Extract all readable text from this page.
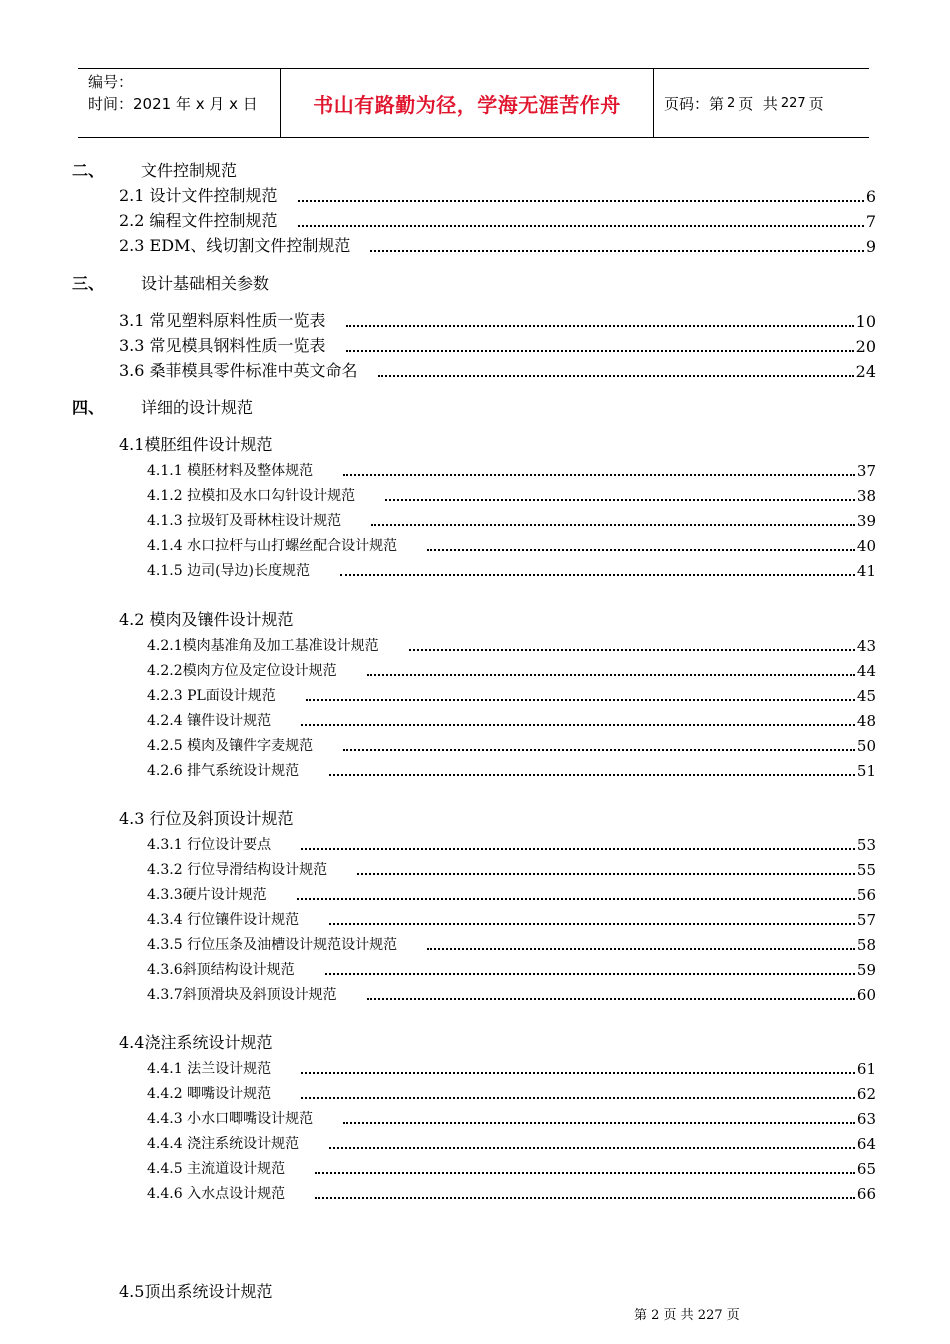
编号：
时间：2021 年 x 月 x 日	书山有路勤为径，学海无涯苦作舟	页码：第 2 页  共 227 页
二、 文件控制规范
2.1 设计文件控制规范	6
2.2 编程文件控制规范	7
2.3 EDM、线切割文件控制规范	9
三、 设计基础相关参数
3.1 常见塑料原料性质一览表	10
3.3 常见模具钢料性质一览表	20
3.6 桑菲模具零件标准中英文命名	24
四、 详细的设计规范
4.1模胚组件设计规范
4.1.1 模胚材料及整体规范	37
4.1.2 拉模扣及水口勾针设计规范	38
4.1.3 拉圾钉及哥林柱设计规范	39
4.1.4 水口拉杆与山打螺丝配合设计规范	40
4.1.5 边司(导边)长度规范	41
4.2 模肉及镶件设计规范
4.2.1模肉基准角及加工基准设计规范	43
4.2.2模肉方位及定位设计规范	44
4.2.3 PL面设计规范	45
4.2.4 镶件设计规范	48
4.2.5 模肉及镶件字麦规范	50
4.2.6 排气系统设计规范	51
4.3 行位及斜顶设计规范
4.3.1 行位设计要点	53
4.3.2 行位导滑结构设计规范	55
4.3.3硬片设计规范	56
4.3.4 行位镶件设计规范	57
4.3.5 行位压条及油槽设计规范设计规范	58
4.3.6斜顶结构设计规范	59
4.3.7斜顶滑块及斜顶设计规范	60
4.4浇注系统设计规范
4.4.1 法兰设计规范	61
4.4.2 唧嘴设计规范	62
4.4.3 小水口唧嘴设计规范	63
4.4.4 浇注系统设计规范	64
4.4.5 主流道设计规范	65
4.4.6 入水点设计规范	66
4.5顶出系统设计规范
第 2 页 共 227 页
